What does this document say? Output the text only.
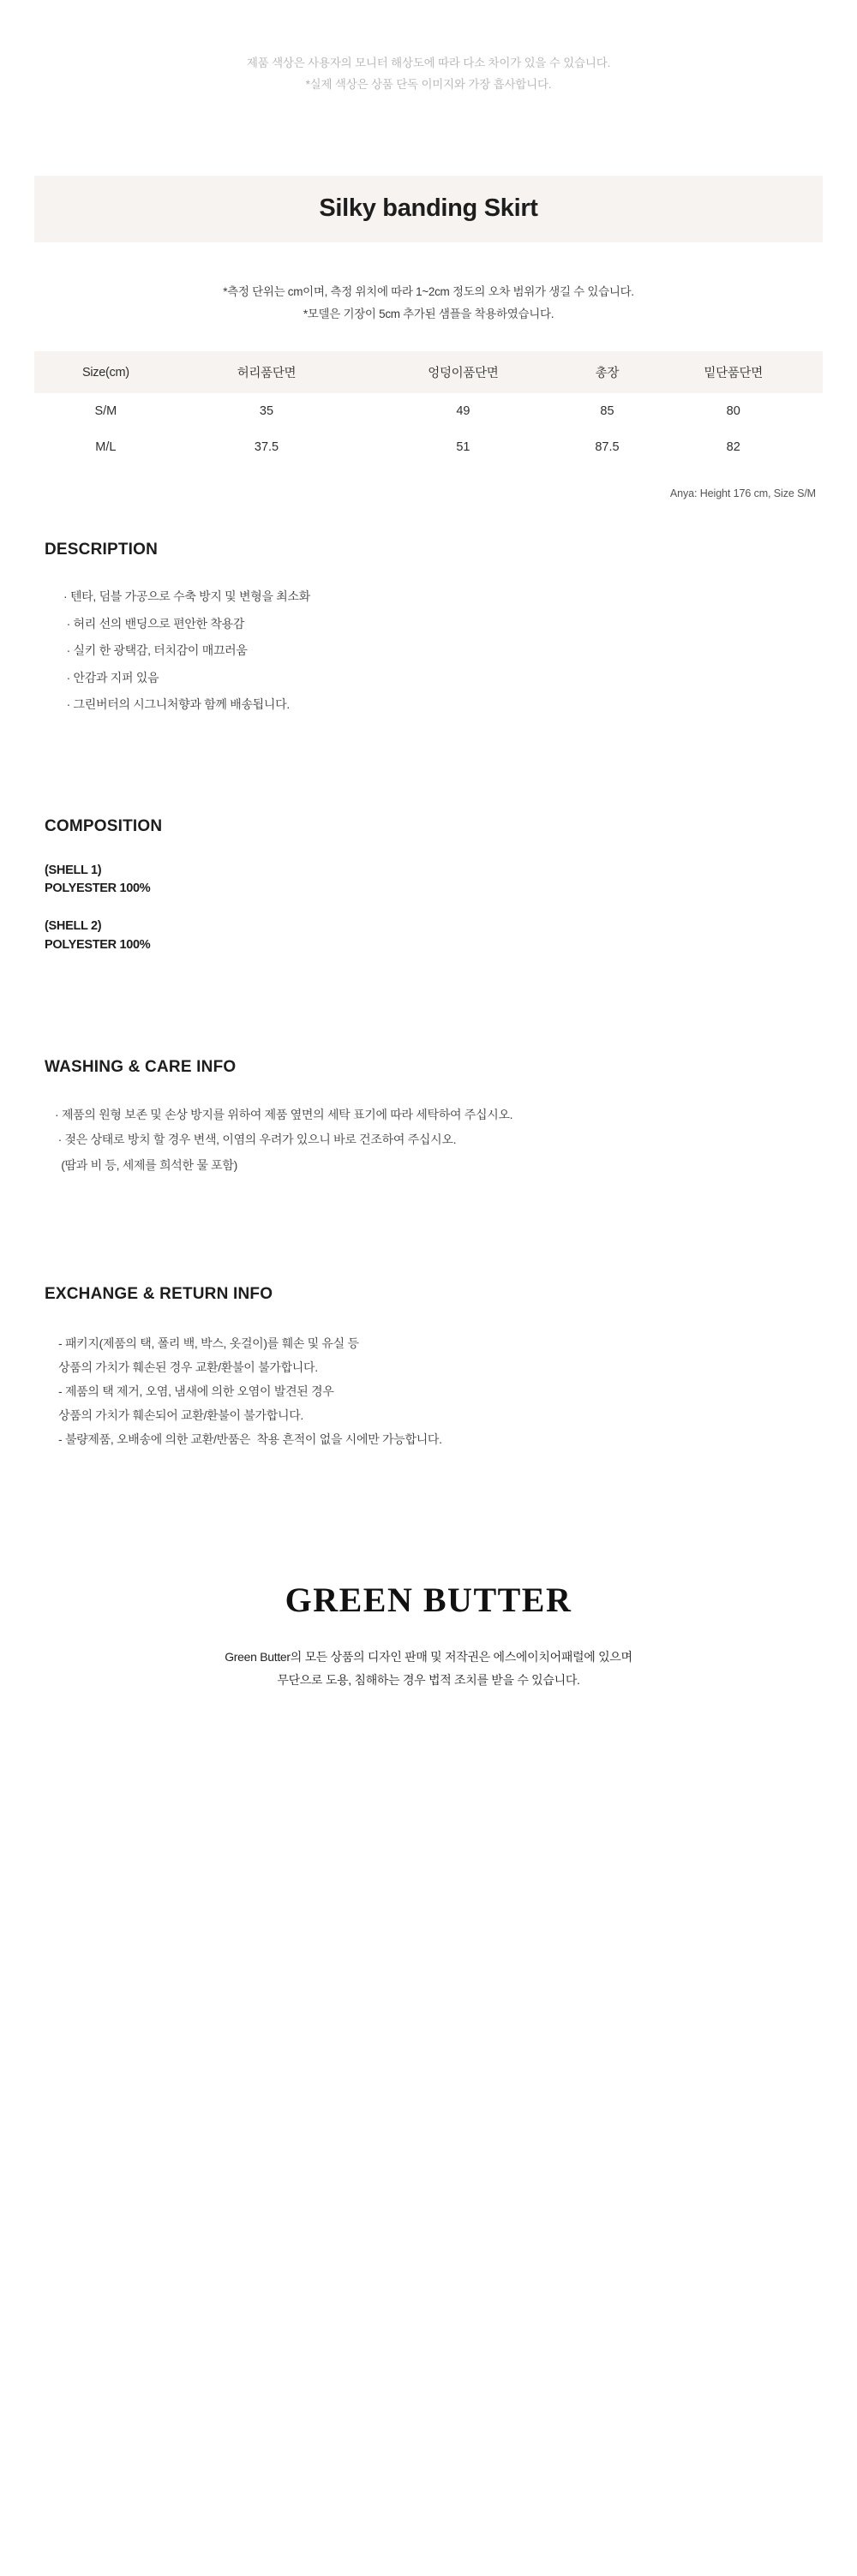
제품 색상은 사용자의 모니터 해상도에 따라 다소 차이가 있을 수 있습니다.
*실제 색상은 상품 단독 이미지와 가장 흡사합니다.
Silky banding Skirt
*측정 단위는 cm이며, 측정 위치에 따라 1~2cm 정도의 오차 범위가 생길 수 있습니다.
*모델은 기장이 5cm 추가된 샘플을 착용하였습니다.
Size(cm)	허리품단면	엉덩이품단면	총장	밑단품단면
S/M	35	49	85	80
M/L	37.5	51	87.5	82
Anya: Height 176 cm, Size S/M
DESCRIPTION
· 텐타, 덤블 가공으로 수축 방지 및 변형을 최소화
· 허리 선의 밴딩으로 편안한 착용감
· 실키 한 광택감, 터치감이 매끄러움
· 안감과 지퍼 있음
· 그린버터의 시그니처향과 함께 배송됩니다.
COMPOSITION
(SHELL 1)
POLYESTER 100%
(SHELL 2)
POLYESTER 100%
WASHING & CARE INFO
· 제품의 원형 보존 및 손상 방지를 위하여 제품 옆면의 세탁 표기에 따라 세탁하여 주십시오.
· 젖은 상태로 방치 할 경우 변색, 이염의 우려가 있으니 바로 건조하여 주십시오.
(땀과 비 등, 세제를 희석한 물 포함)
EXCHANGE & RETURN INFO
- 패키지(제품의 택, 폴리 백, 박스, 옷걸이)를 훼손 및 유실 등
상품의 가치가 훼손된 경우 교환/환불이 불가합니다.
- 제품의 택 제거, 오염, 냄새에 의한 오염이 발견된 경우
상품의 가치가 훼손되어 교환/환불이 불가합니다.
- 불량제품, 오배송에 의한 교환/반품은  착용 흔적이 없을 시에만 가능합니다.
GREEN BUTTER
Green Butter의 모든 상품의 디자인 판매 및 저작권은 에스에이치어패럴에 있으며
무단으로 도용, 침해하는 경우 법적 조치를 받을 수 있습니다.
